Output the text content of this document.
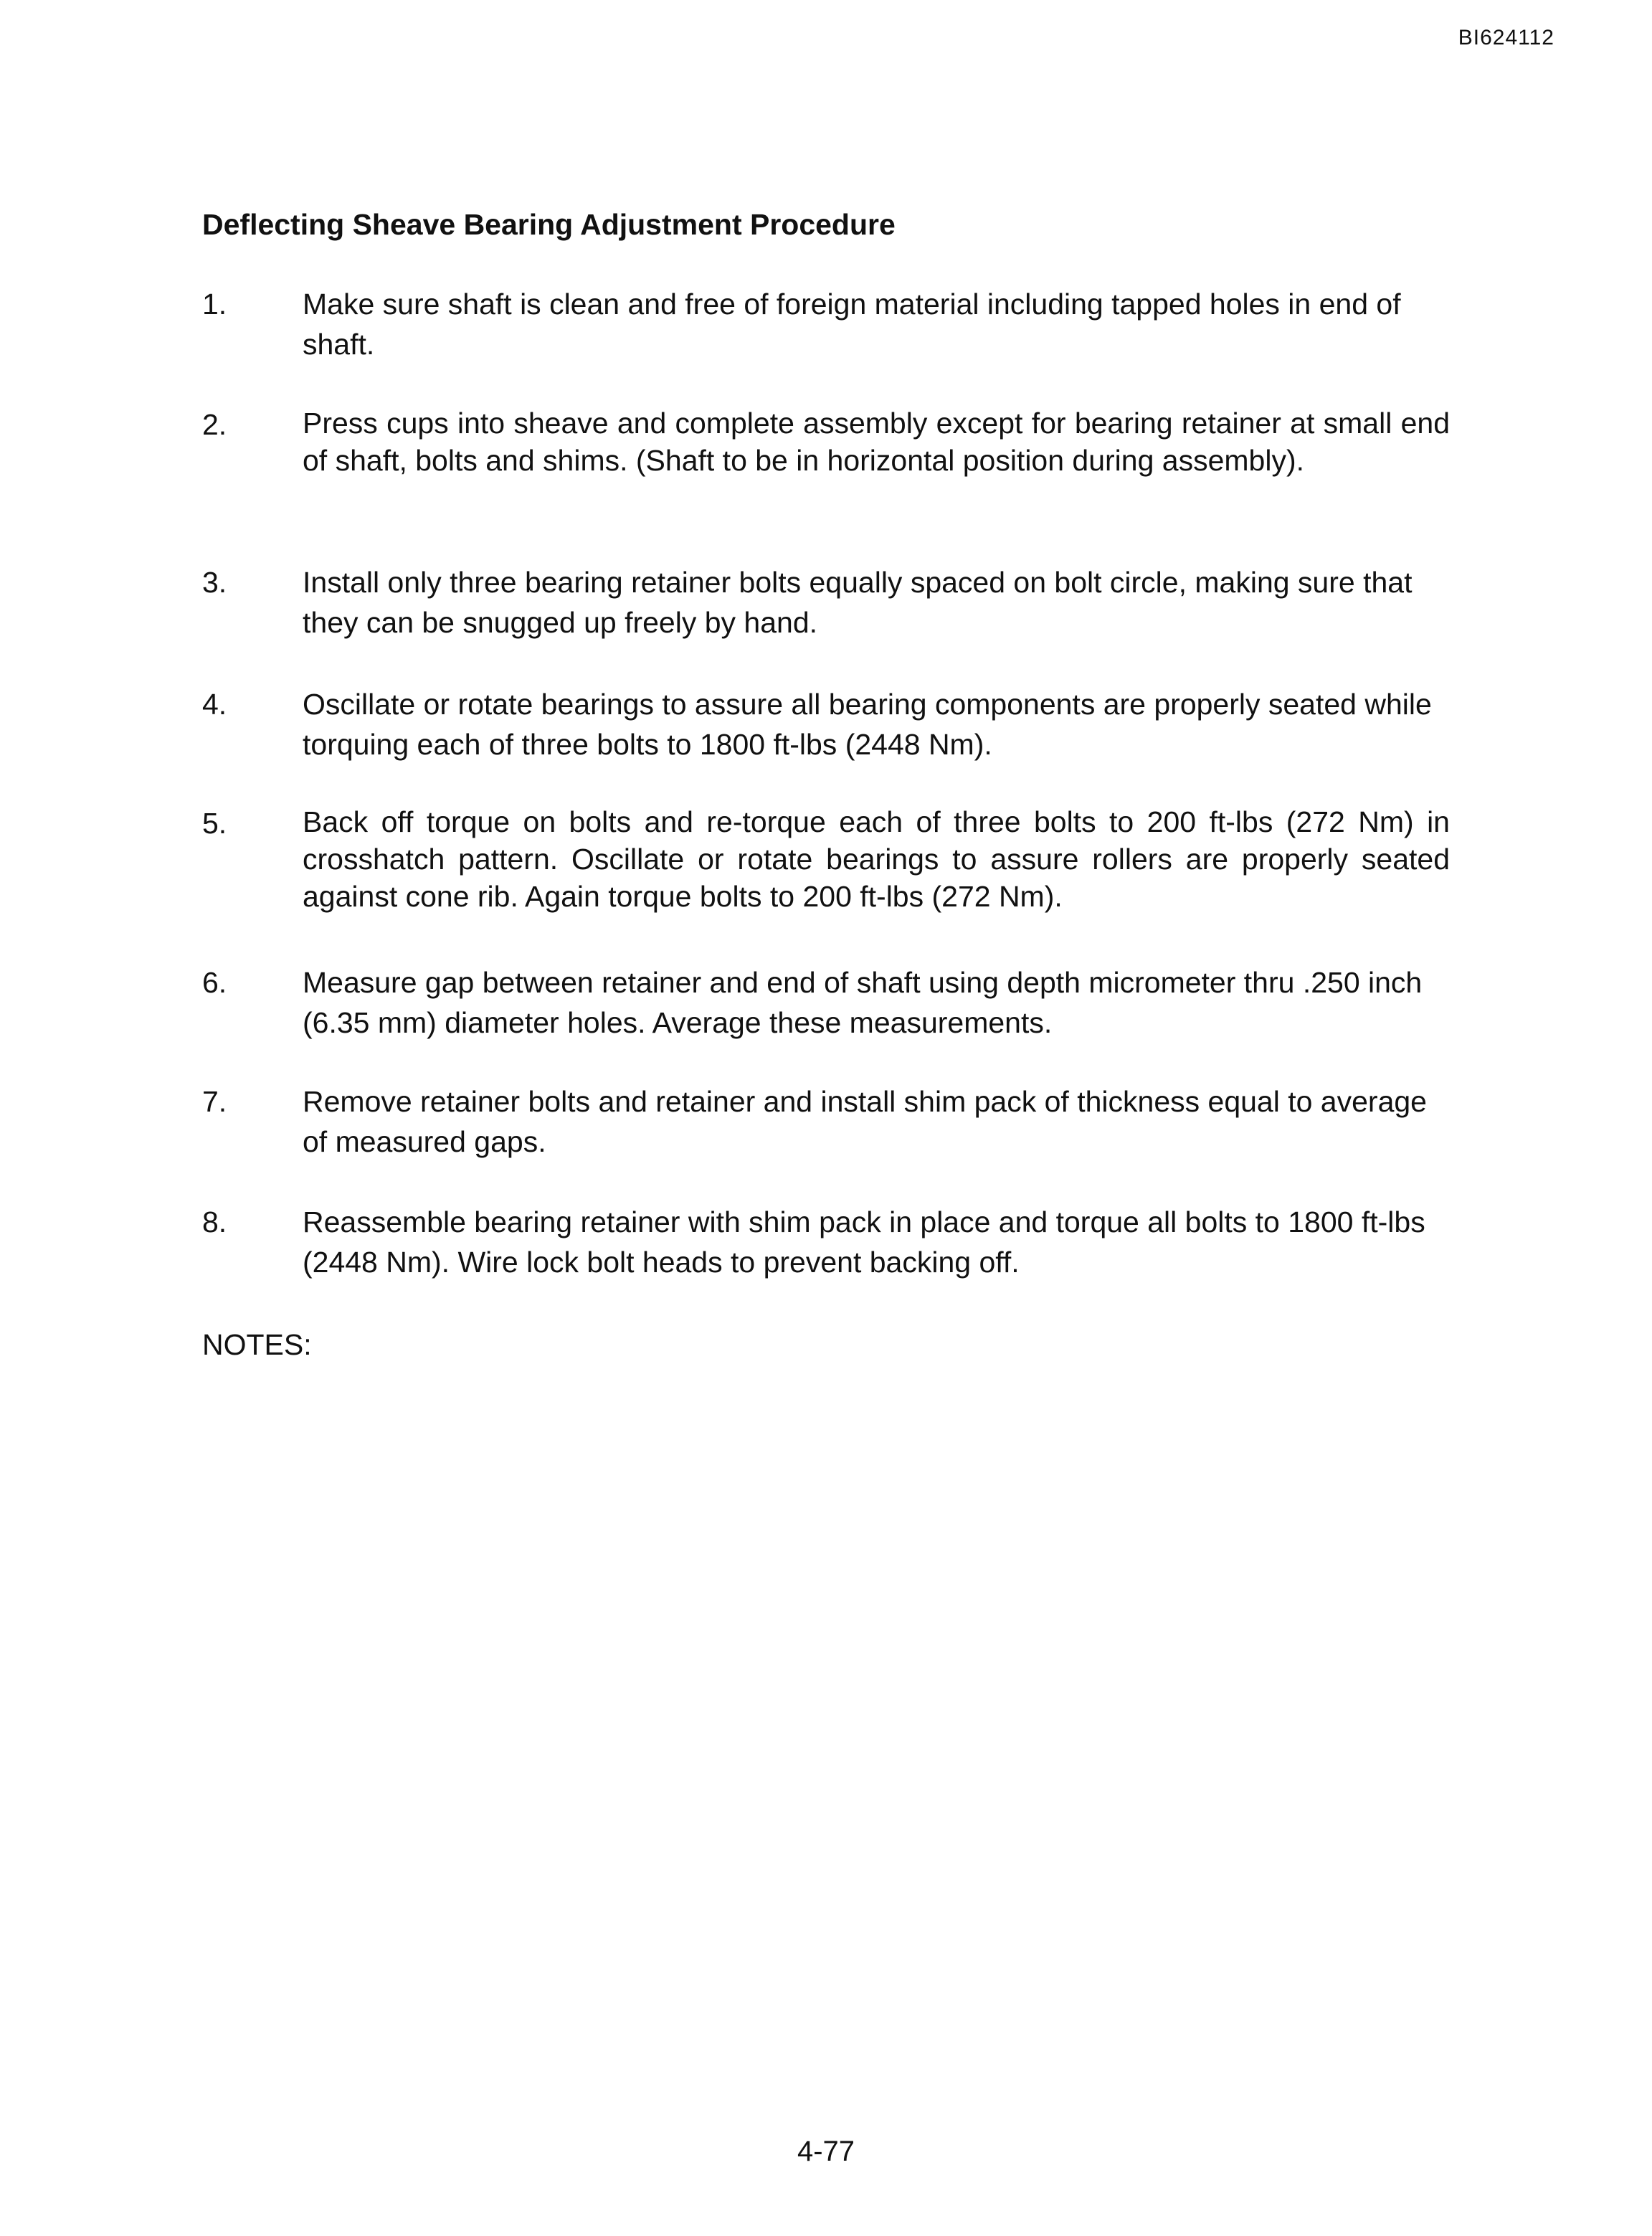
BI624112
Deflecting Sheave Bearing Adjustment Procedure
1.	Make sure shaft is clean and free of foreign material including tapped holes in end of shaft.
2.	Press cups into sheave and complete assembly except for bearing retainer at small end of shaft, bolts and shims. (Shaft to be in horizontal position during assembly).
3.	Install only three bearing retainer bolts equally spaced on bolt circle, making sure that they can be snugged up freely by hand.
4.	Oscillate or rotate bearings to assure all bearing components are properly seated while torquing each of three bolts to 1800 ft-lbs (2448 Nm).
5.	Back off torque on bolts and re-torque each of three bolts to 200 ft-lbs (272 Nm) in crosshatch pattern. Oscillate or rotate bearings to assure rollers are properly seated against cone rib. Again torque bolts to 200 ft-lbs (272 Nm).
6.	Measure gap between retainer and end of shaft using depth micrometer thru .250 inch (6.35 mm) diameter holes. Average these measurements.
7.	Remove retainer bolts and retainer and install shim pack of thickness equal to average of measured gaps.
8.	Reassemble bearing retainer with shim pack in place and torque all bolts to 1800 ft-lbs (2448 Nm). Wire lock bolt heads to prevent backing off.

NOTES:

4-77
